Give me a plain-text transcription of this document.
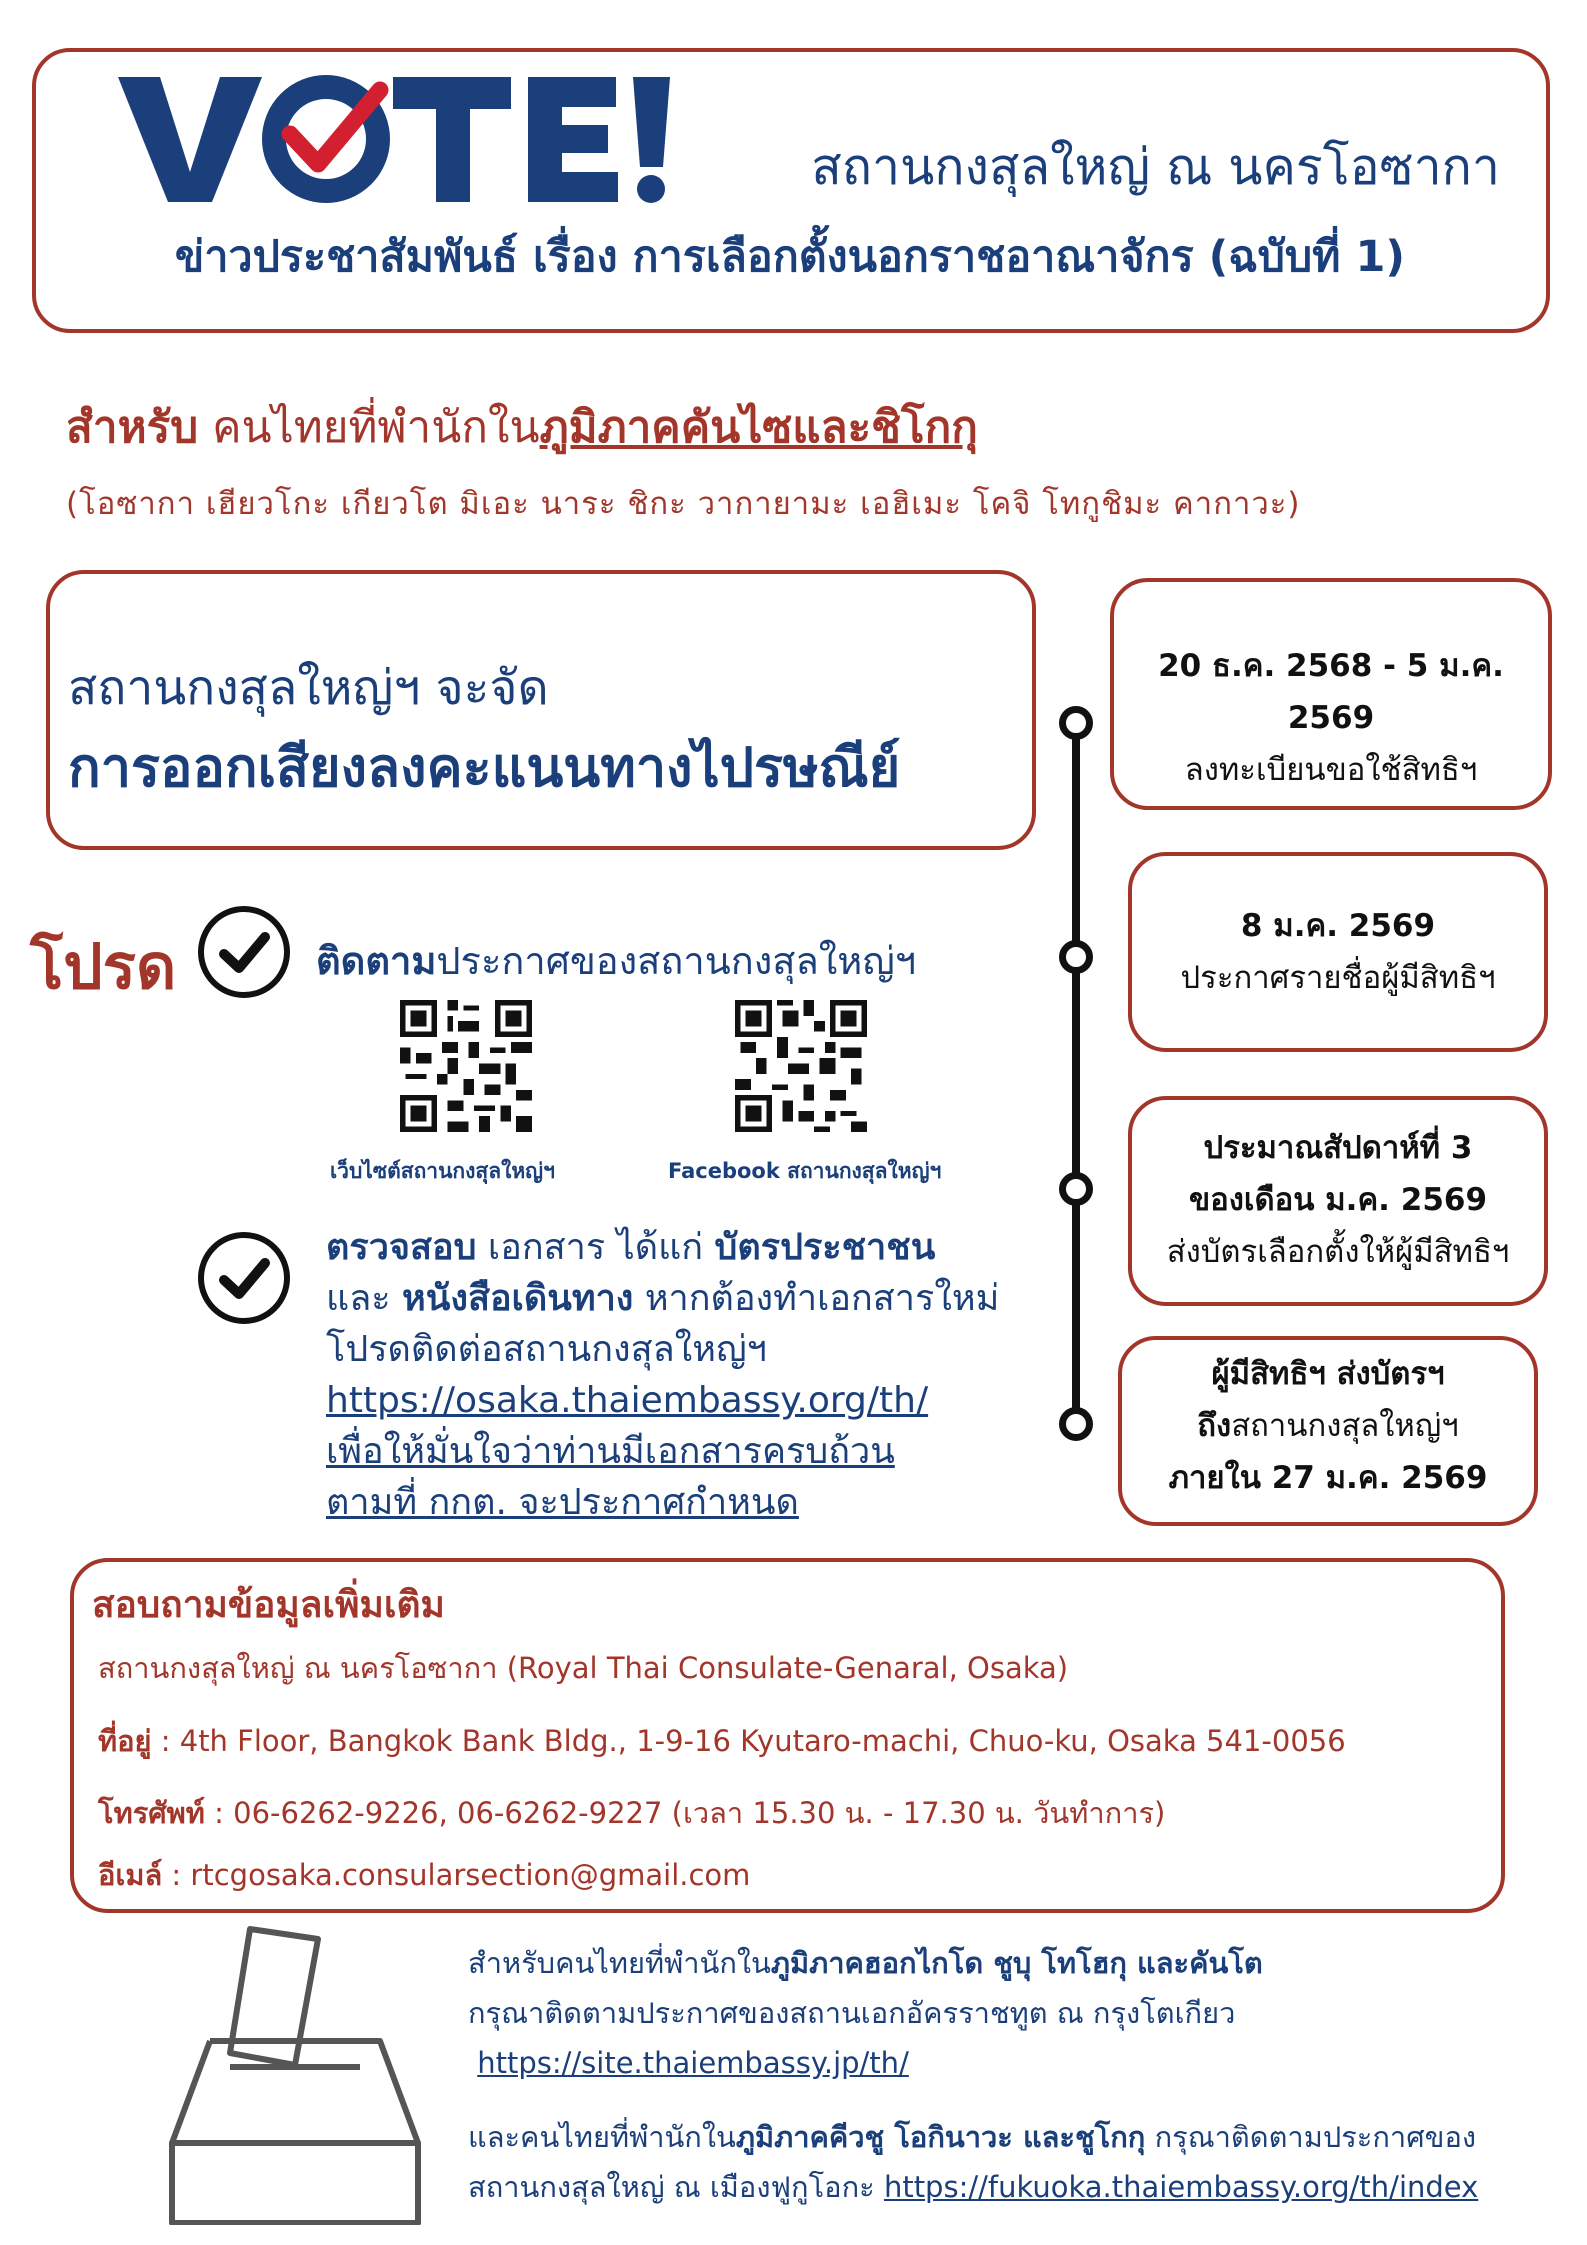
สถานกงสุลใหญ่ ณ นครโอซากา
ข่าวประชาสัมพันธ์ เรื่อง การเลือกตั้งนอกราชอาณาจักร (ฉบับที่ 1)
สำหรับ คนไทยที่พำนักในภูมิภาคคันไซและชิโกกุ
(โอซากา เฮียวโกะ เกียวโต มิเอะ นาระ ชิกะ วากายามะ เอฮิเมะ โคจิ โทกูชิมะ คากาวะ)
สถานกงสุลใหญ่ฯ จะจัด
การออกเสียงลงคะแนนทางไปรษณีย์
โปรด	ติดตามประกาศของสถานกงสุลใหญ่ฯ
เว็บไซต์สถานกงสุลใหญ่ฯ	Facebook สถานกงสุลใหญ่ฯ
ตรวจสอบ เอกสาร ได้แก่ บัตรประชาชน
และ หนังสือเดินทาง หากต้องทำเอกสารใหม่
โปรดติดต่อสถานกงสุลใหญ่ฯ
https://osaka.thaiembassy.org/th/
เพื่อให้มั่นใจว่าท่านมีเอกสารครบถ้วน
ตามที่ กกต. จะประกาศกำหนด
20 ธ.ค. 2568 - 5 ม.ค. 2569
ลงทะเบียนขอใช้สิทธิฯ
8 ม.ค. 2569
ประกาศรายชื่อผู้มีสิทธิฯ
ประมาณสัปดาห์ที่ 3
ของเดือน ม.ค. 2569
ส่งบัตรเลือกตั้งให้ผู้มีสิทธิฯ
ผู้มีสิทธิฯ ส่งบัตรฯ
ถึงสถานกงสุลใหญ่ฯ
ภายใน 27 ม.ค. 2569
สอบถามข้อมูลเพิ่มเติม
สถานกงสุลใหญ่ ณ นครโอซากา (Royal Thai Consulate-Genaral, Osaka)
ที่อยู่ : 4th Floor, Bangkok Bank Bldg., 1-9-16 Kyutaro-machi, Chuo-ku, Osaka 541-0056
โทรศัพท์ : 06-6262-9226, 06-6262-9227 (เวลา 15.30 น. - 17.30 น. วันทำการ)
อีเมล์ : rtcgosaka.consularsection@gmail.com
สำหรับคนไทยที่พำนักในภูมิภาคฮอกไกโด ชูบุ โทโฮกุ และคันโต
กรุณาติดตามประกาศของสถานเอกอัครราชทูต ณ กรุงโตเกียว
https://site.thaiembassy.jp/th/
และคนไทยที่พำนักในภูมิภาคคีวชู โอกินาวะ และชูโกกุ กรุณาติดตามประกาศของ
สถานกงสุลใหญ่ ณ เมืองฟูกูโอกะ https://fukuoka.thaiembassy.org/th/index
